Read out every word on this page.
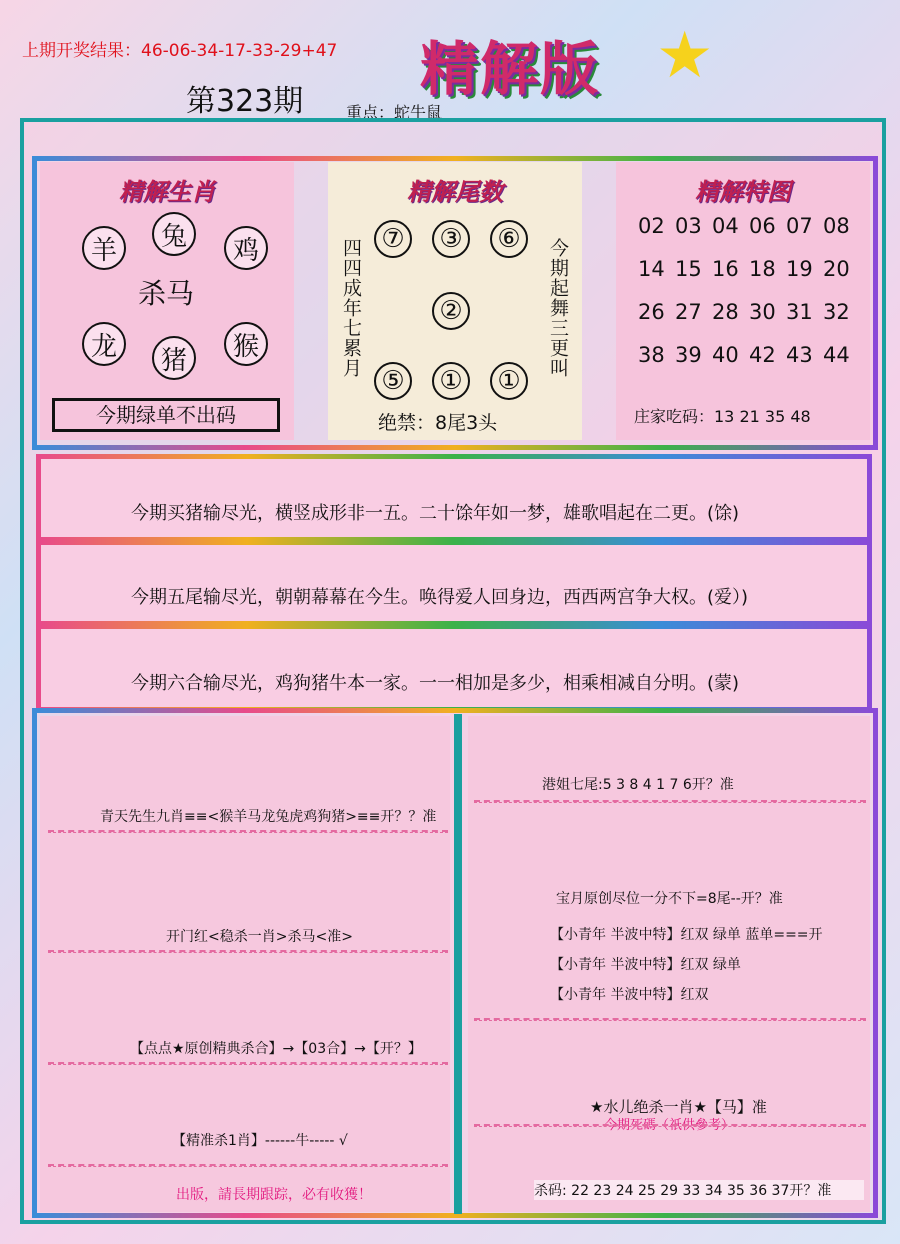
上期开奖结果：46-06-34-17-33-29+47 精解版 ★
第323期	重点：蛇牛鼠
精解生肖
羊	兔	鸡
杀马
龙	猪	猴
今期绿单不出码
精解尾数
四四成年七累月	今期起舞三更叫
⑦ ③ ⑥
②
⑤ ① ①
绝禁：8尾3头
精解特图
02 03 04 06 07 08
14 15 16 18 19 20
26 27 28 30 31 32
38 39 40 42 43 44
庄家吃码：13 21 35 48
今期买猪输尽光，横竖成形非一五。二十馀年如一梦，雄歌唱起在二更。(馀)
今期五尾输尽光，朝朝幕幕在今生。唤得爱人回身边，西西两宫争大权。(爱）)
今期六合输尽光，鸡狗猪牛本一家。一一相加是多少，相乘相减自分明。(蒙)
青天先生九肖≡≡<猴羊马龙兔虎鸡狗猪>≡≡开？？准
开门红<稳杀一肖>杀马<准>
【点点★原创精典杀合】→【03合】→【开？】
【精准杀1肖】------牛----- √
出版，請長期跟踪，必有收獲！
港姐七尾:5 3 8 4 1 7 6开？准
宝月原创尽位一分不下=8尾--开？准
【小青年 半波中特】红双 绿单 蓝单===开
【小青年 半波中特】红双 绿单
【小青年 半波中特】红双
★水儿绝杀一肖★【马】准
今期死碼（祇供參考）
杀码: 22 23 24 25 29 33 34 35 36 37开？准
